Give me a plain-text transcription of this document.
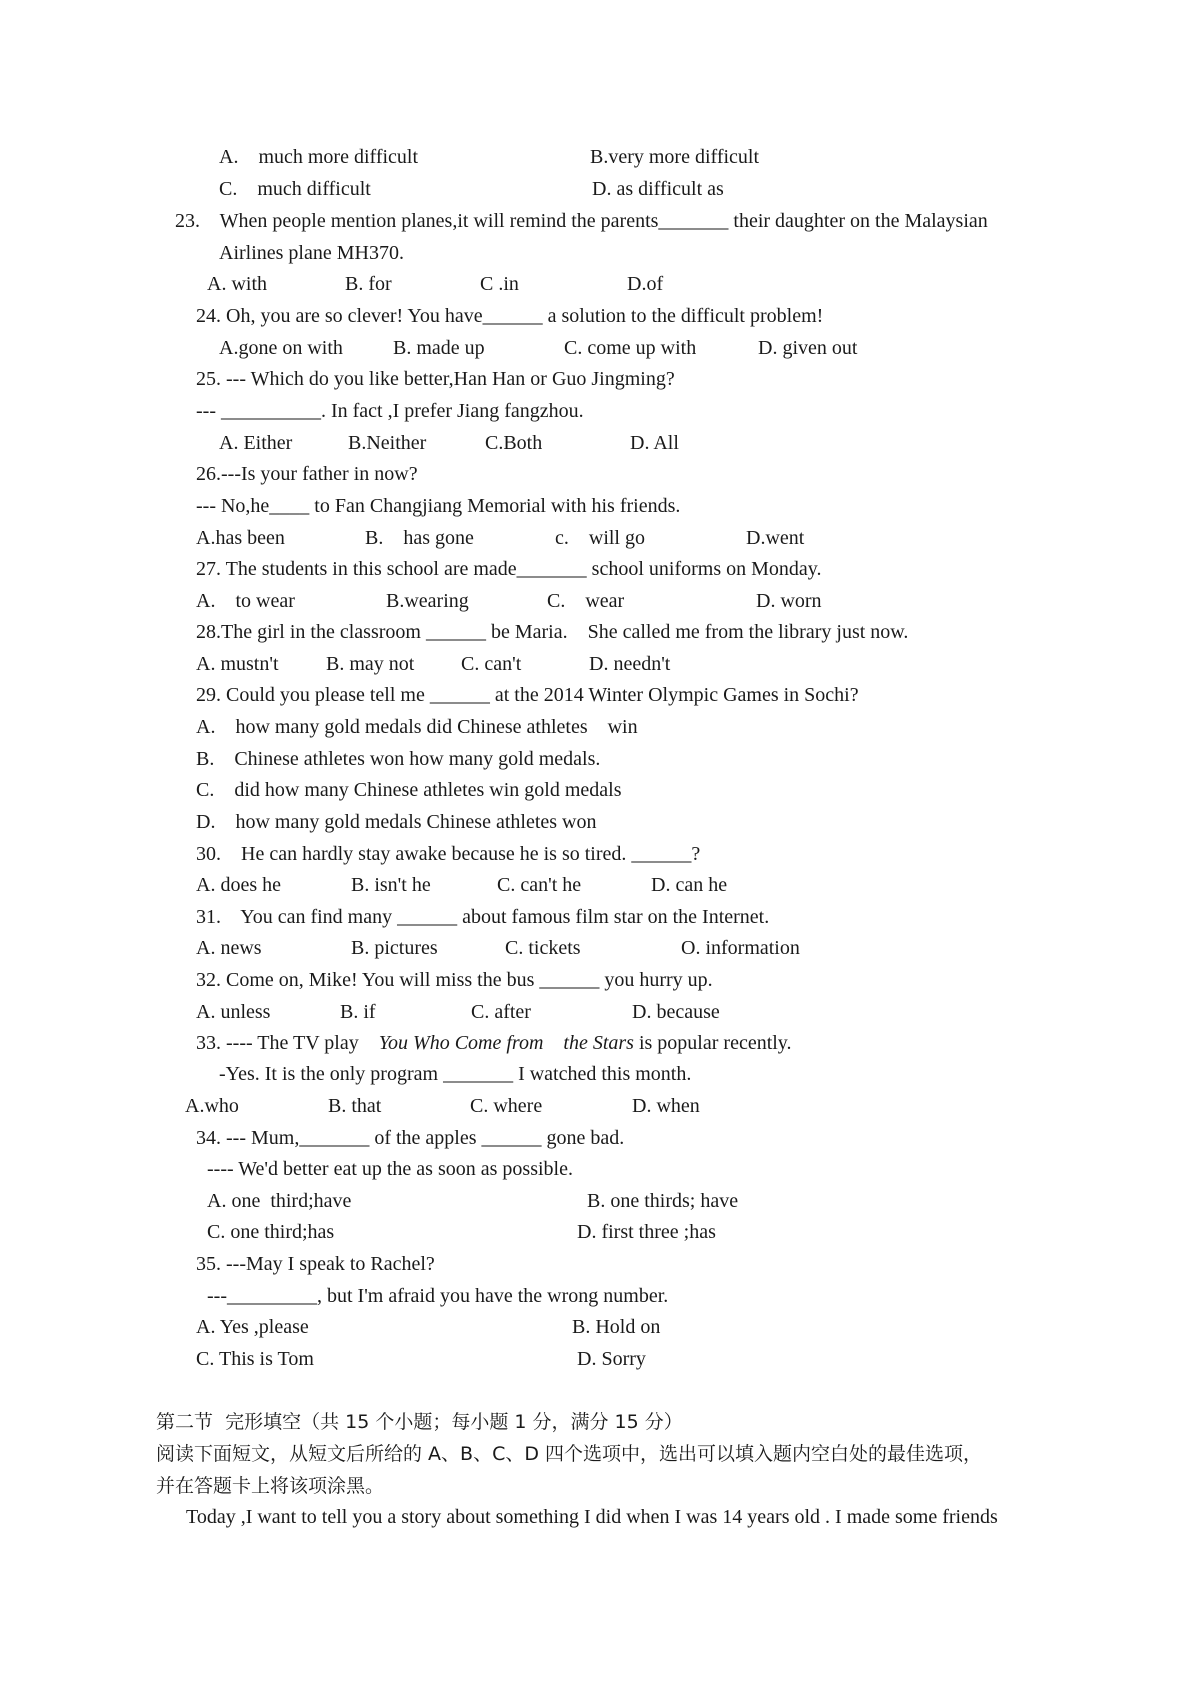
A.    much more difficult	B.very more difficult
C.    much difficult	D. as difficult as
23.    When people mention planes,it will remind the parents_______ their daughter on the Malaysian
Airlines plane MH370.
A. with	B. for	C .in	D.of
24. Oh, you are so clever! You have______ a solution to the difficult problem!
A.gone on with	B. made up	C. come up with	D. given out
25. --- Which do you like better,Han Han or Guo Jingming?
--- __________. In fact ,I prefer Jiang fangzhou.
A. Either	B.Neither	C.Both	D. All
26.---Is your father in now?
--- No,he____ to Fan Changjiang Memorial with his friends.
A.has been	B.    has gone	c.    will go	D.went
27. The students in this school are made_______ school uniforms on Monday.
A.    to wear	B.wearing	C.    wear	D. worn
28.The girl in the classroom ______ be Maria.    She called me from the library just now.
A. mustn't B. may not C. can't	D. needn't
29. Could you please tell me ______ at the 2014 Winter Olympic Games in Sochi?
A.    how many gold medals did Chinese athletes    win
B.    Chinese athletes won how many gold medals.
C.    did how many Chinese athletes win gold medals
D.    how many gold medals Chinese athletes won
30.    He can hardly stay awake because he is so tired. ______?
A. does he	B. isn't he	C. can't he	D. can he
31.    You can find many ______ about famous film star on the Internet.
A. news	B. pictures	C. tickets	O. information
32. Come on, Mike! You will miss the bus ______ you hurry up.
A. unless	B. if	C. after	D. because
33. ---- The TV play    You Who Come from    the Stars is popular recently.
-Yes. It is the only program _______ I watched this month.
A.who	B. that	C. where	D. when
34. --- Mum,_______ of the apples ______ gone bad.
---- We'd better eat up the as soon as possible.
A. one  third;have	B. one thirds; have
C. one third;has	D. first three ;has
35. ---May I speak to Rachel?
---_________, but I'm afraid you have the wrong number.
A. Yes ,please	B. Hold on
C. This is Tom	D. Sorry
第二节  完形填空（共 15 个小题；每小题 1 分，满分 15 分）
阅读下面短文，从短文后所给的 A、B、C、D 四个选项中，选出可以填入题内空白处的最佳选项，
并在答题卡上将该项涂黑。
Today ,I want to tell you a story about something I did when I was 14 years old . I made some friends
